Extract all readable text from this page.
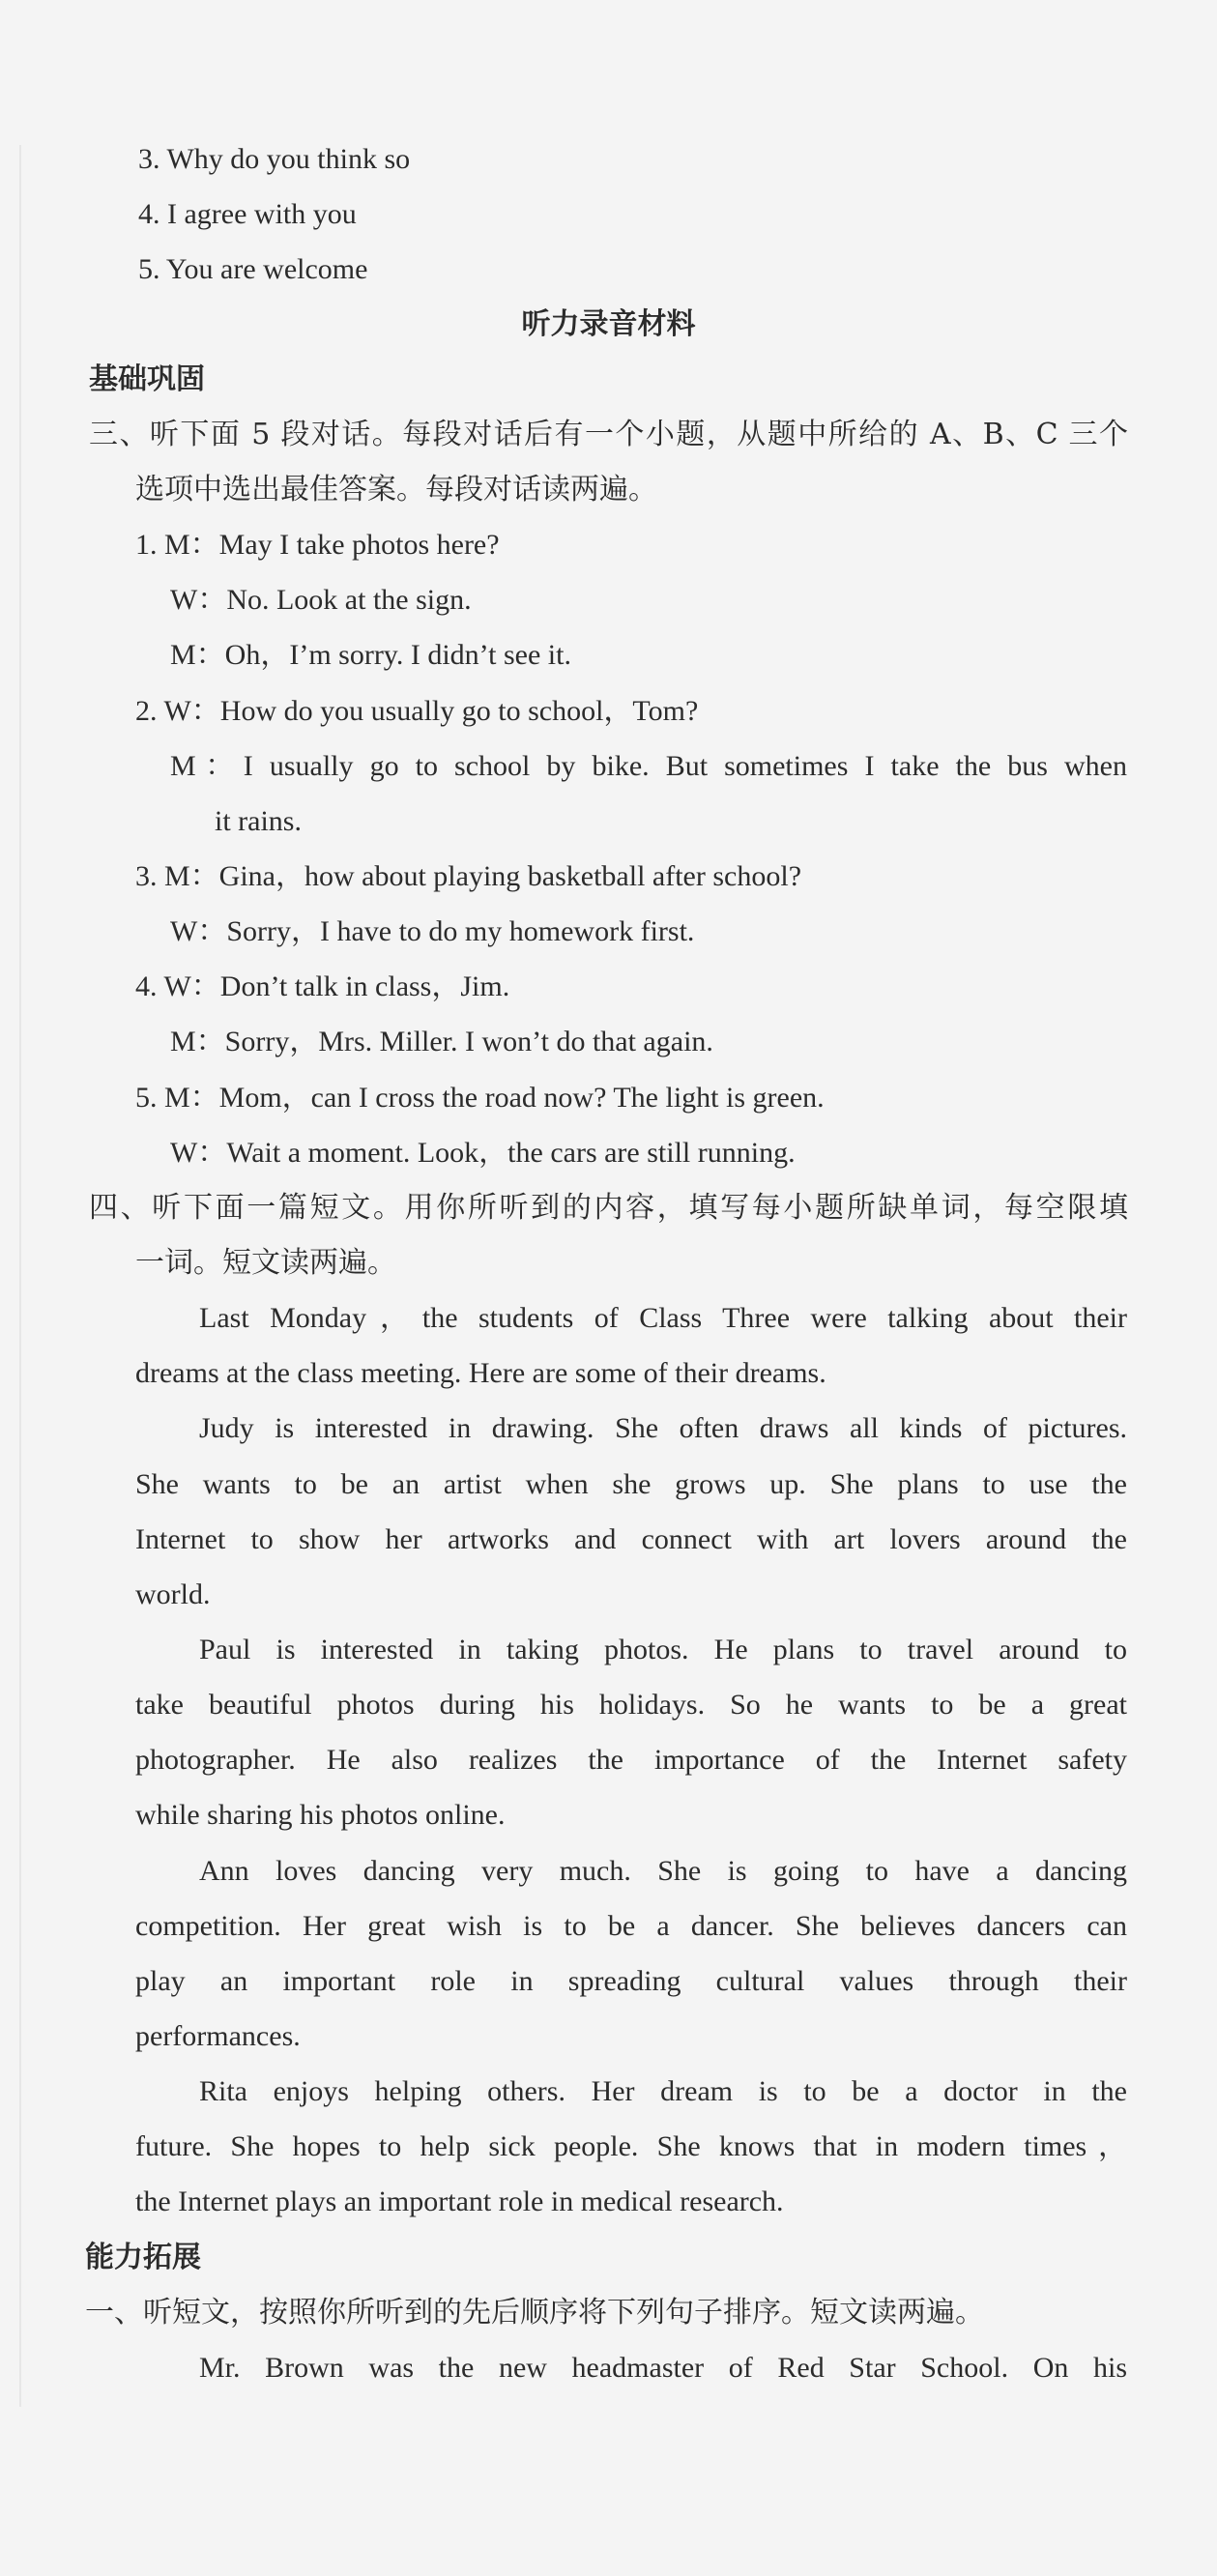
3. Why do you think so
4. I agree with you
5. You are welcome
听力录音材料
基础巩固
三、听下面 5 段对话。每段对话后有一个小题，从题中所给的 A、B、C 三个
选项中选出最佳答案。每段对话读两遍。
1. M：May I take photos here?
W：No. Look at the sign.
M：Oh，I’m sorry. I didn’t see it.
2. W：How do you usually go to school，Tom?
M：I usually go to school by bike. But sometimes I take the bus when
it rains.
3. M：Gina，how about playing basketball after school?
W：Sorry，I have to do my homework first.
4. W：Don’t talk in class，Jim.
M：Sorry，Mrs. Miller. I won’t do that again.
5. M：Mom，can I cross the road now? The light is green.
W：Wait a moment. Look，the cars are still running.
四、听下面一篇短文。用你所听到的内容，填写每小题所缺单词，每空限填
一词。短文读两遍。
Last Monday，the students of Class Three were talking about their
dreams at the class meeting. Here are some of their dreams.
Judy is interested in drawing. She often draws all kinds of pictures.
She wants to be an artist when she grows up. She plans to use the
Internet to show her artworks and connect with art lovers around the
world.
Paul is interested in taking photos. He plans to travel around to
take beautiful photos during his holidays. So he wants to be a great
photographer. He also realizes the importance of the Internet safety
while sharing his photos online.
Ann loves dancing very much. She is going to have a dancing
competition. Her great wish is to be a dancer. She believes dancers can
play an important role in spreading cultural values through their
performances.
Rita enjoys helping others. Her dream is to be a doctor in the
future. She hopes to help sick people. She knows that in modern times，
the Internet plays an important role in medical research.
能力拓展
一、听短文，按照你所听到的先后顺序将下列句子排序。短文读两遍。
Mr. Brown was the new headmaster of Red Star School. On his
